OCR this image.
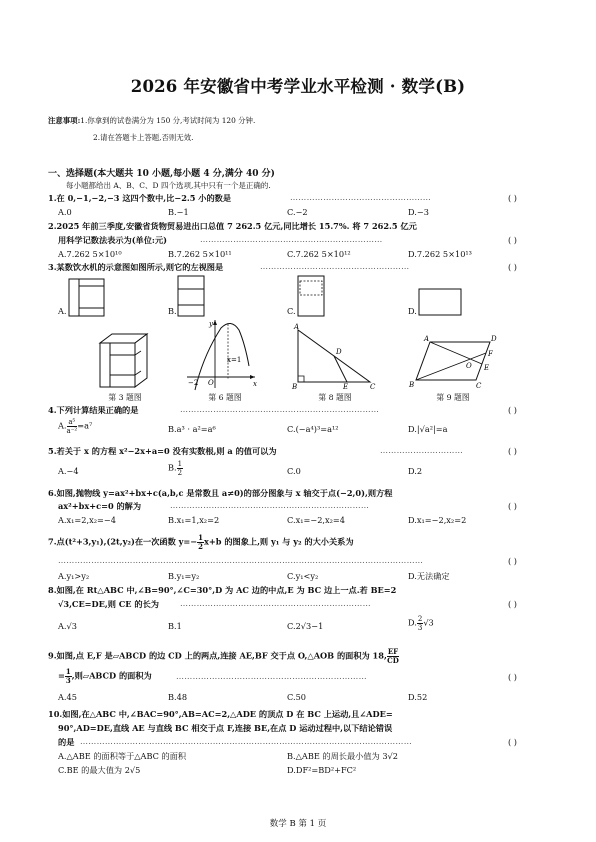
2026 年安徽省中考学业水平检测 · 数学(B)
注意事项:1.你拿到的试卷满分为 150 分,考试时间为 120 分钟.
2.请在答题卡上答题,否则无效.
一、选择题(本大题共 10 小题,每小题 4 分,满分 40 分)
每小题都给出 A、B、C、D 四个选项,其中只有一个是正确的.
1.在 0,−1,−2,−3 这四个数中,比−2.5 小的数是	……………………………………………	( )
A.0	B.−1	C.−2	D.−3
2.2025 年前三季度,安徽省货物贸易进出口总值 7 262.5 亿元,同比增长 15.7%. 将 7 262.5 亿元
用科学记数法表示为(单位:元)	…………………………………………………………	( )
A.7.262 5×10¹⁰	B.7.262 5×10¹¹	C.7.262 5×10¹²	D.7.262 5×10¹³
3.某数饮水机的示意图如图所示,则它的左视图是	………………………………………………	( )
A.	B.	C.	D.
第 3 题图
y
x
O
−2
x=1
第 6 题图
A
B	C
D
E
第 8 题图
A	D
B	C
F
E
O
第 9 题图
4.下列计算结果正确的是	………………………………………………………………	( )
A. $\frac{\text{a⁵}}{\text{a⁻²}} =a^7$	B.a³ · a²=a⁶	C.(−a⁴)³=a¹²	D.|√a²|=a
5.若关于 x 的方程 x²−2x+a=0 没有实数根,则 a 的值可以为	…………………………	( )
A.−4	B. $\frac{1}{2}$	C.0	D.2
6.如图,抛物线 y=ax²+bx+c(a,b,c 是常数且 a≠0)的部分图象与 x 轴交于点(−2,0),则方程
ax²+bx+c=0 的解为	………………………………………………………………	( )
A.x₁=2,x₂=−4	B.x₁=1,x₂=2	C.x₁=−2,x₂=4	D.x₁=−2,x₂=2
7.点(t²+3,y₁),(2t,y₂)在一次函数 $y=- \frac{1}{2} x+b$ 的图象上,则 y₁ 与 y₂ 的大小关系为
……………………………………………………………………………………………………………………	( )
A.y₁>y₂	B.y₁=y₂	C.y₁<y₂	D.无法确定
8.如图,在 Rt△ABC 中,∠B=90°,∠C=30°,D 为 AC 边的中点,E 为 BC 边上一点.若 BE=2
√3,CE=DE,则 CE 的长为	……………………………………………………………	( )
A.√3	B.1	C.2√3−1	D. $\frac{2}{3} √3$
9.如图,点 E,F 是▱ABCD 的边 CD 上的两点,连接 AE,BF 交于点 O,△AOB 的面积为 18, $\frac{EF}{CD}$
= $\frac{1}{3}$ ,则▱ABCD 的面积为	……………………………………………………………	( )
A.45	B.48	C.50	D.52
10.如图,在△ABC 中,∠BAC=90°,AB=AC=2,△ADE 的顶点 D 在 BC 上运动,且∠ADE=
90°,AD=DE,直线 AE 与直线 BC 相交于点 F,连接 BE,在点 D 运动过程中,以下结论错误
的是 …………………………………………………………………………………………………………	( )
A.△ABE 的面积等于△ABC 的面积	B.△ABE 的周长最小值为 3√2
C.BE 的最大值为 2√5	D.DF²=BD²+FC²
数学 B 第 1 页
